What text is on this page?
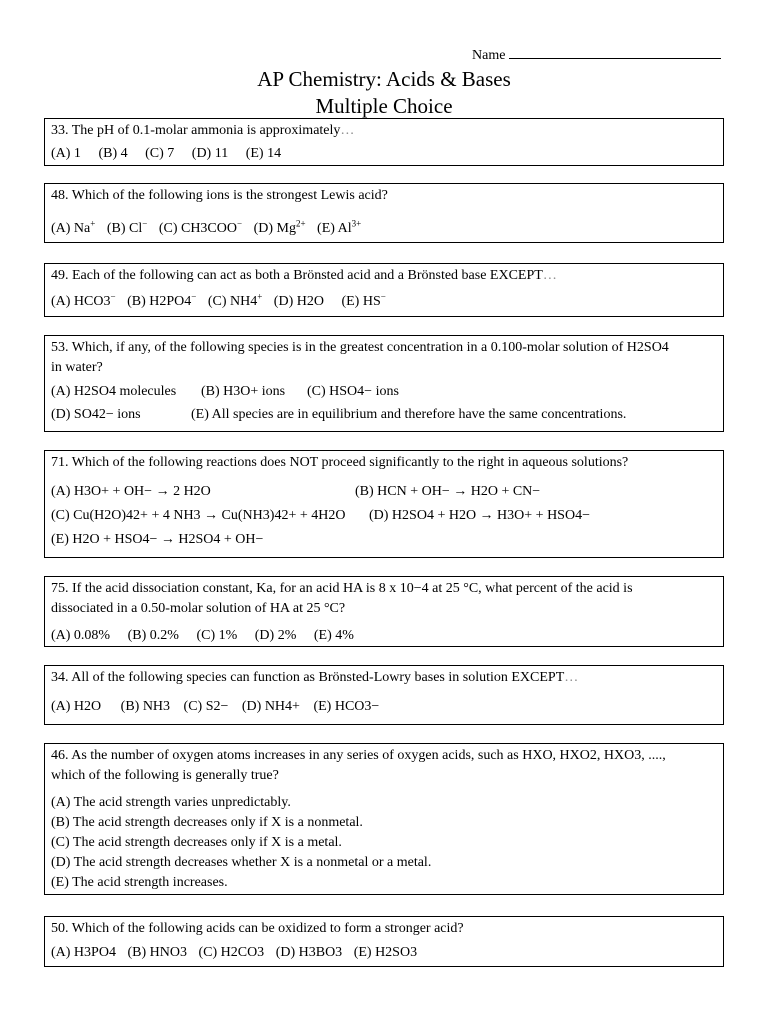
Name
AP Chemistry: Acids & Bases
Multiple Choice
33. The pH of 0.1-molar ammonia is approximately…
(A) 1 (B) 4 (C) 7 (D) 11 (E) 14
48. Which of the following ions is the strongest Lewis acid?
(A) Na+ (B) Cl− (C) CH3COO− (D) $Mg^{2+}$ (E) $Al^{3+}$
49. Each of the following can act as both a Brönsted acid and a Brönsted base EXCEPT…
(A) HCO3− (B) H2PO4− (C) NH4+ (D) H2O (E) HS−
53. Which, if any, of the following species is in the greatest concentration in a 0.100-molar solution of H2SO4
in water?
(A) H2SO4 molecules (B) H3O+ ions (C) HSO4− ions
(D) SO42− ions	(E) All species are in equilibrium and therefore have the same concentrations.
71. Which of the following reactions does NOT proceed significantly to the right in aqueous solutions?
(A) H3O+ + OH− → 2 H2O	(B) HCN + OH− → H2O + CN−
(C) Cu(H2O)42+ + 4 NH3 → Cu(NH3)42+ + 4H2O (D) H2SO4 + H2O → H3O+ + HSO4−
(E) H2O + HSO4− → H2SO4 + OH−
75. If the acid dissociation constant, Ka, for an acid HA is 8 x 10−4 at 25 °C, what percent of the acid is
dissociated in a 0.50-molar solution of HA at 25 °C?
(A) 0.08% (B) 0.2% (C) 1% (D) 2% (E) 4%
34. All of the following species can function as Brönsted-Lowry bases in solution EXCEPT…
(A) H2O (B) NH3 (C) S2− (D) NH4+ (E) HCO3−
46. As the number of oxygen atoms increases in any series of oxygen acids, such as HXO, HXO2, HXO3, ....,
which of the following is generally true?
(A) The acid strength varies unpredictably.
(B) The acid strength decreases only if X is a nonmetal.
(C) The acid strength decreases only if X is a metal.
(D) The acid strength decreases whether X is a nonmetal or a metal.
(E) The acid strength increases.
50. Which of the following acids can be oxidized to form a stronger acid?
(A) H3PO4 (B) HNO3 (C) H2CO3 (D) H3BO3 (E) H2SO3
